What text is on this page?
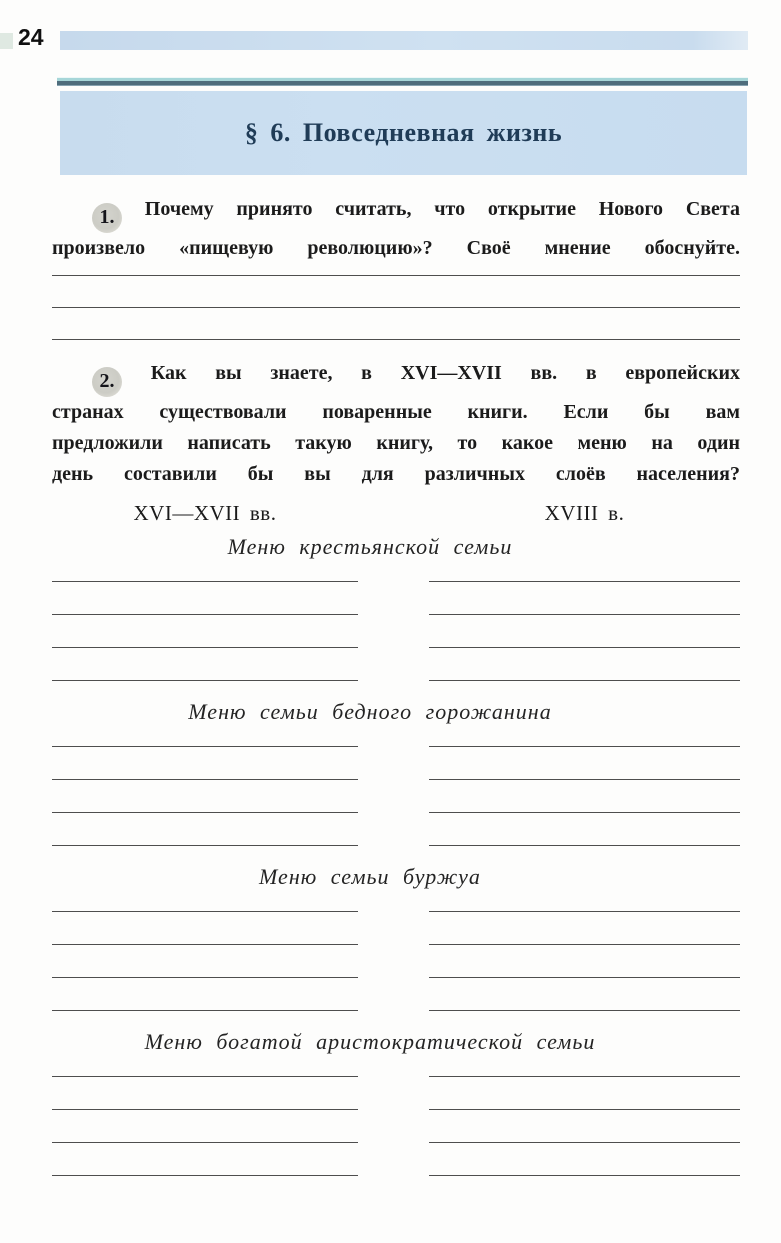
24
§ 6. Повседневная жизнь
1. Почему принято считать, что открытие Нового Света
произвело «пищевую революцию»? Своё мнение обоснуйте.
2. Как вы знаете, в XVI—XVII вв. в европейских
странах существовали поваренные книги. Если бы вам
предложили написать такую книгу, то какое меню на один
день составили бы вы для различных слоёв населения?
XVI—XVII вв.	XVIII в.
Меню крестьянской семьи
Меню семьи бедного горожанина
Меню семьи буржуа
Меню богатой аристократической семьи
